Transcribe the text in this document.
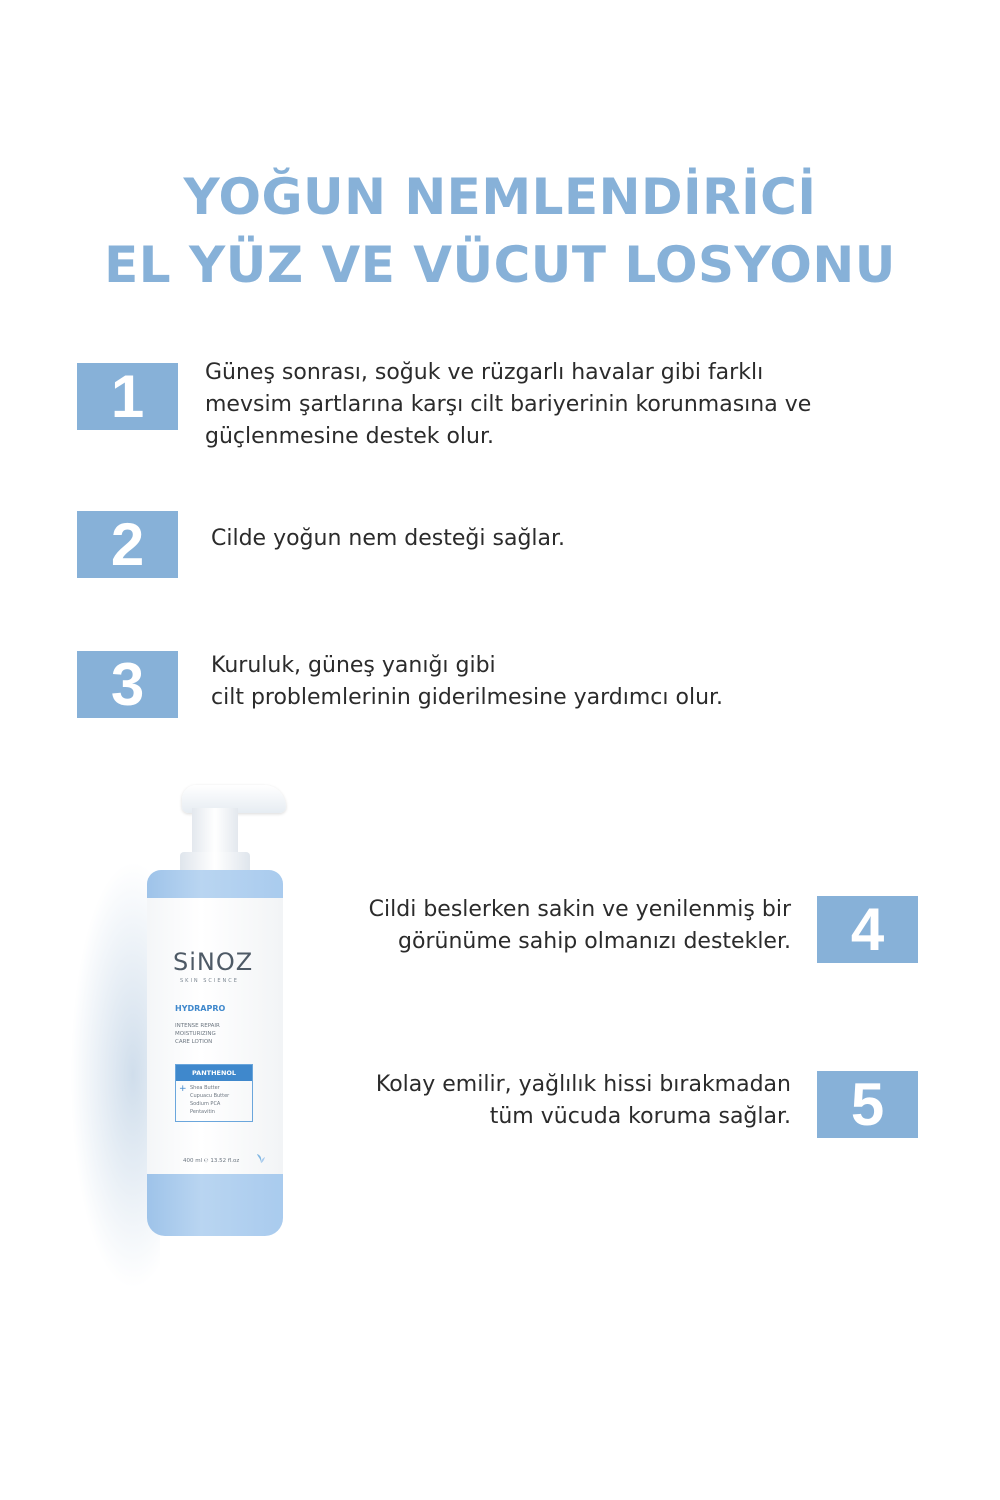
YOĞUN NEMLENDİRİCİ
EL YÜZ VE VÜCUT LOSYONU
1	Güneş sonrası, soğuk ve rüzgarlı havalar gibi farklı
mevsim şartlarına karşı cilt bariyerinin korunmasına ve
güçlenmesine destek olur.
2	Cilde yoğun nem desteği sağlar.
3	Kuruluk, güneş yanığı gibi
cilt problemlerinin giderilmesine yardımcı olur.
SiNOZ
SKIN SCIENCE
HYDRAPRO
INTENSE REPAIR
MOISTURIZING
CARE LOTION
PANTHENOL
+ Shea Butter
Cupuacu Butter
Sodium PCA
Pentavitin
400 ml ℮ 13.52 fl.oz
Cildi beslerken sakin ve yenilenmiş bir
görünüme sahip olmanızı destekler. 4
Kolay emilir, yağlılık hissi bırakmadan
tüm vücuda koruma sağlar. 5
